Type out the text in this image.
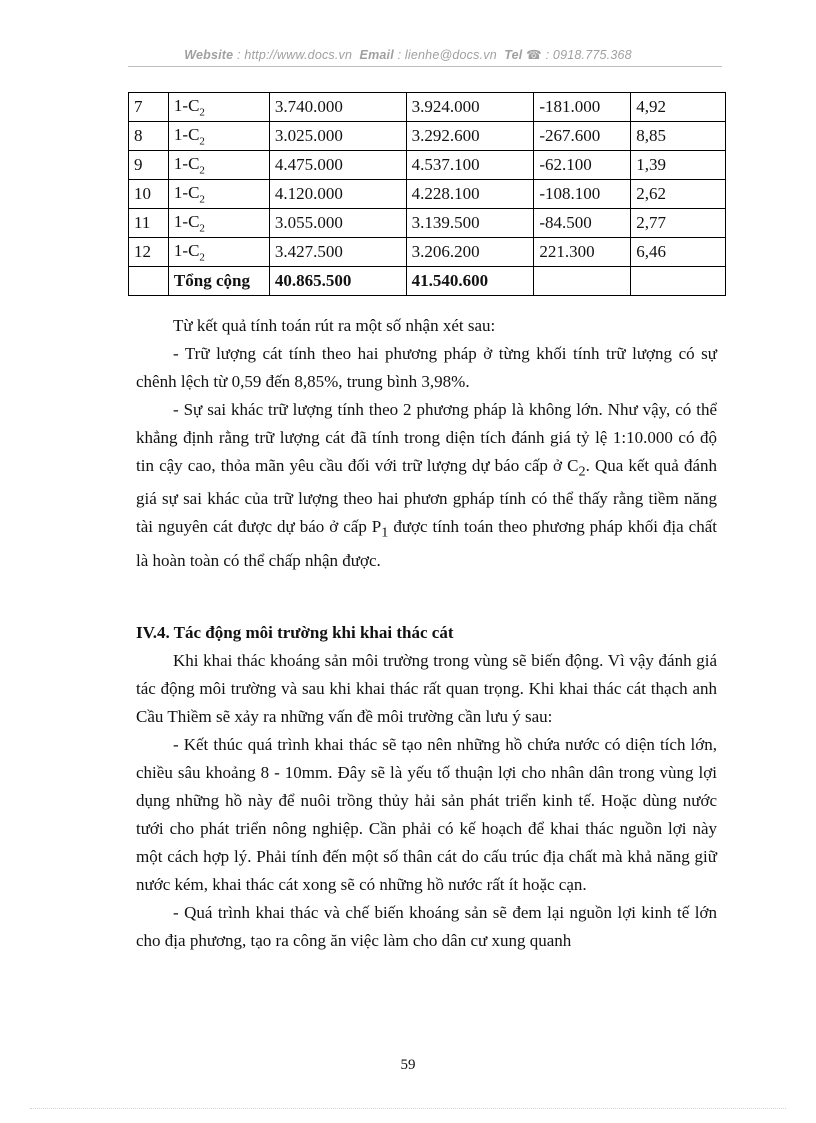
Website : http://www.docs.vn Email : lienhe@docs.vn Tel ☎ : 0918.775.368
7	$1-C_2$	3.740.000	3.924.000	-181.000	4,92
8	$1-C_2$	3.025.000	3.292.600	-267.600	8,85
9	$1-C_2$	4.475.000	4.537.100	-62.100	1,39
10	$1-C_2$	4.120.000	4.228.100	-108.100	2,62
11	$1-C_2$	3.055.000	3.139.500	-84.500	2,77
12	$1-C_2$	3.427.500	3.206.200	221.300	6,46
	Tổng cộng	40.865.500	41.540.600		

Từ kết quả tính toán rút ra một số nhận xét sau:

- Trữ lượng cát tính theo hai phương pháp ở từng khối tính trữ lượng có sự chênh lệch từ 0,59 đến 8,85%, trung bình 3,98%.

- Sự sai khác trữ lượng tính theo 2 phương pháp là không lớn. Như vậy, có thể khẳng định rằng trữ lượng cát đã tính trong diện tích đánh giá tỷ lệ 1:10.000 có độ tin cậy cao, thỏa mãn yêu cầu đối với trữ lượng dự báo cấp ở $C_2$. Qua kết quả đánh giá sự sai khác của trữ lượng theo hai phươn gpháp tính có thể thấy rằng tiềm năng tài nguyên cát được dự báo ở cấp $P_1$ được tính toán theo phương pháp khối địa chất là hoàn toàn có thể chấp nhận được.

IV.4. Tác động môi trường khi khai thác cát

Khi khai thác khoáng sản môi trường trong vùng sẽ biến động. Vì vậy đánh giá tác động môi trường và sau khi khai thác rất quan trọng. Khi khai thác cát thạch anh Cầu Thiềm sẽ xảy ra những vấn đề môi trường cần lưu ý sau:

- Kết thúc quá trình khai thác sẽ tạo nên những hồ chứa nước có diện tích lớn, chiều sâu khoảng 8 - 10mm. Đây sẽ là yếu tố thuận lợi cho nhân dân trong vùng lợi dụng những hồ này để nuôi trồng thủy hải sản phát triển kinh tế. Hoặc dùng nước tưới cho phát triển nông nghiệp. Cần phải có kế hoạch để khai thác nguồn lợi này một cách hợp lý. Phải tính đến một số thân cát do cấu trúc địa chất mà khả năng giữ nước kém, khai thác cát xong sẽ có những hồ nước rất ít hoặc cạn.

- Quá trình khai thác và chế biến khoáng sản sẽ đem lại nguồn lợi kinh tế lớn cho địa phương, tạo ra công ăn việc làm cho dân cư xung quanh

59
